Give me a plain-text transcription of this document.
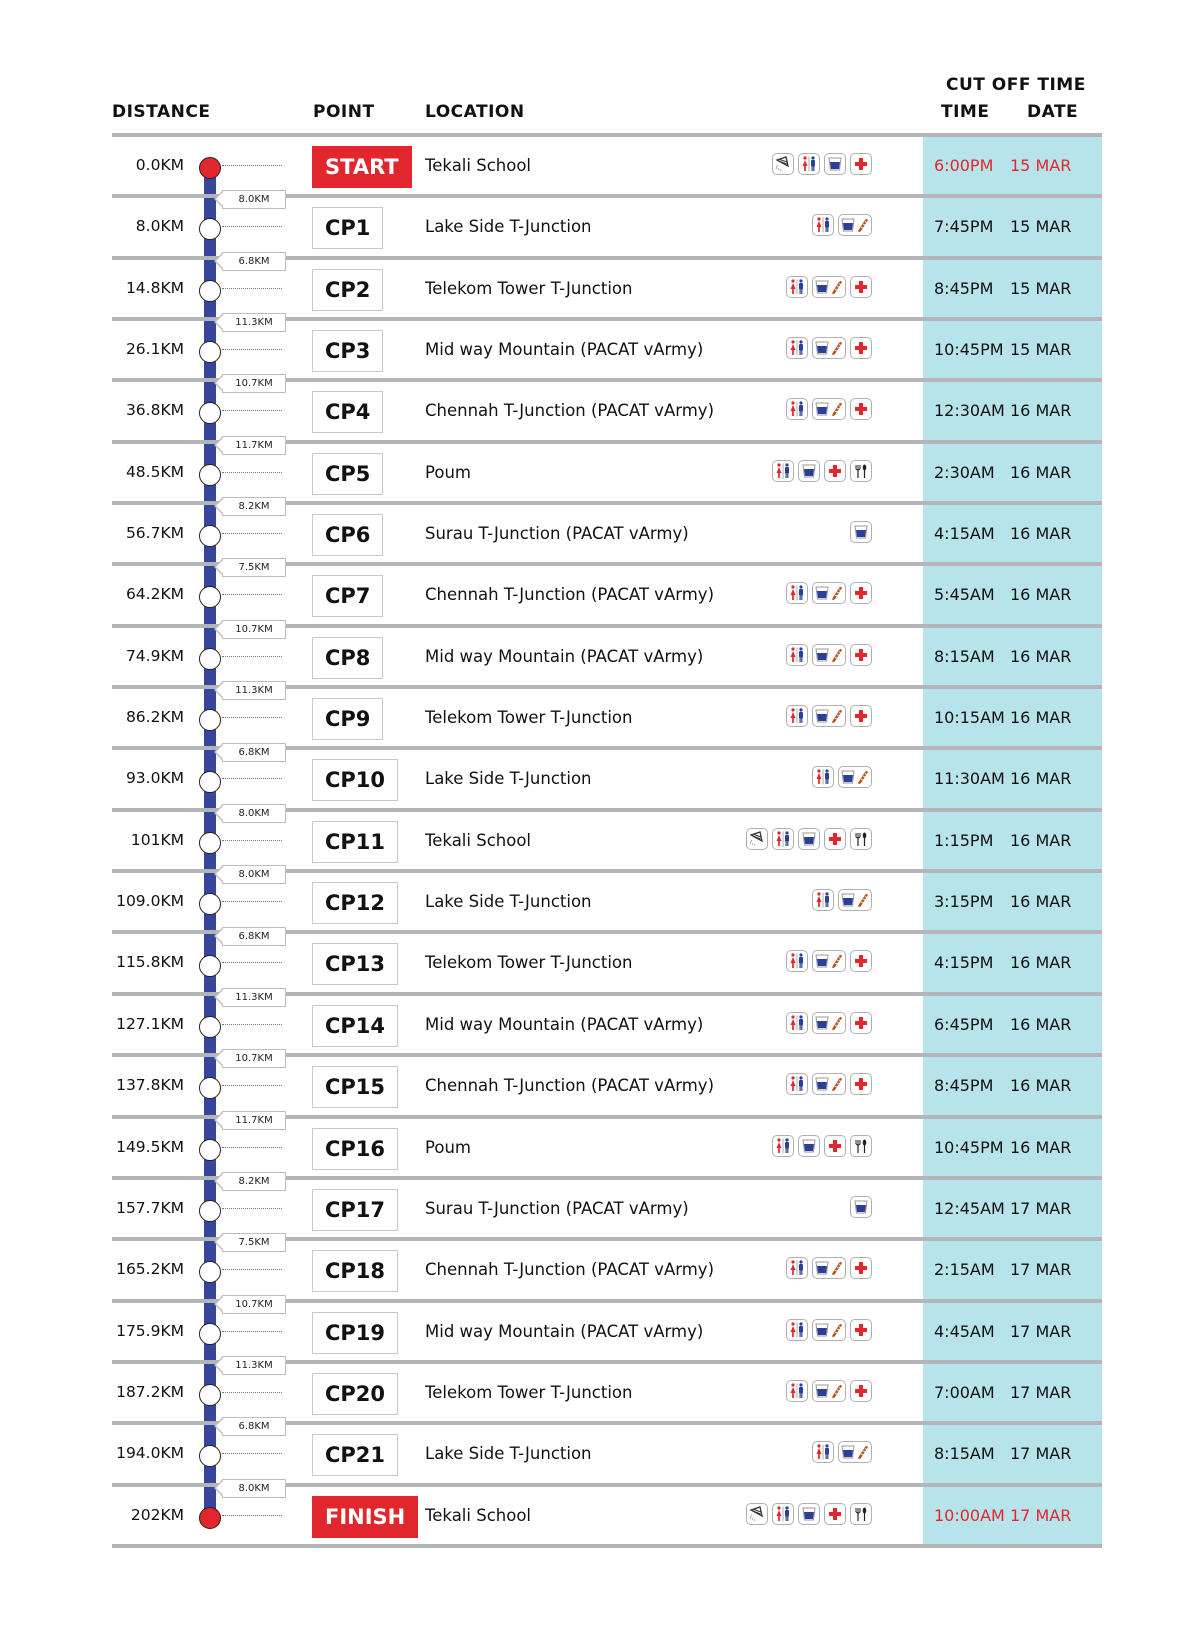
DISTANCE	POINT	LOCATION
CUT OFF TIME
TIME DATE
0.0KM	START	Tekali School	6:00PM 15 MAR
8.0KM	CP1	Lake Side T-Junction	7:45PM 15 MAR
14.8KM	CP2	Telekom Tower T-Junction	8:45PM 15 MAR
26.1KM	CP3	Mid way Mountain (PACAT vArmy)	10:45PM 15 MAR
36.8KM	CP4	Chennah T-Junction (PACAT vArmy)	12:30AM 16 MAR
48.5KM	CP5	Poum	2:30AM 16 MAR
56.7KM	CP6	Surau T-Junction (PACAT vArmy)	4:15AM 16 MAR
64.2KM	CP7	Chennah T-Junction (PACAT vArmy)	5:45AM 16 MAR
74.9KM	CP8	Mid way Mountain (PACAT vArmy)	8:15AM 16 MAR
86.2KM	CP9	Telekom Tower T-Junction	10:15AM 16 MAR
93.0KM	CP10	Lake Side T-Junction	11:30AM 16 MAR
101KM	CP11	Tekali School	1:15PM 16 MAR
109.0KM	CP12	Lake Side T-Junction	3:15PM 16 MAR
115.8KM	CP13	Telekom Tower T-Junction	4:15PM 16 MAR
127.1KM	CP14	Mid way Mountain (PACAT vArmy)	6:45PM 16 MAR
137.8KM	CP15	Chennah T-Junction (PACAT vArmy)	8:45PM 16 MAR
149.5KM	CP16	Poum	10:45PM 16 MAR
157.7KM	CP17	Surau T-Junction (PACAT vArmy)	12:45AM 17 MAR
165.2KM	CP18	Chennah T-Junction (PACAT vArmy)	2:15AM 17 MAR
175.9KM	CP19	Mid way Mountain (PACAT vArmy)	4:45AM 17 MAR
187.2KM	CP20	Telekom Tower T-Junction	7:00AM 17 MAR
194.0KM	CP21	Lake Side T-Junction	8:15AM 17 MAR
202KM	FINISH	Tekali School	10:00AM 17 MAR
8.0KM
6.8KM
11.3KM
10.7KM
11.7KM
8.2KM
7.5KM
10.7KM
11.3KM
6.8KM
8.0KM
8.0KM
6.8KM
11.3KM
10.7KM
11.7KM
8.2KM
7.5KM
10.7KM
11.3KM
6.8KM
8.0KM
